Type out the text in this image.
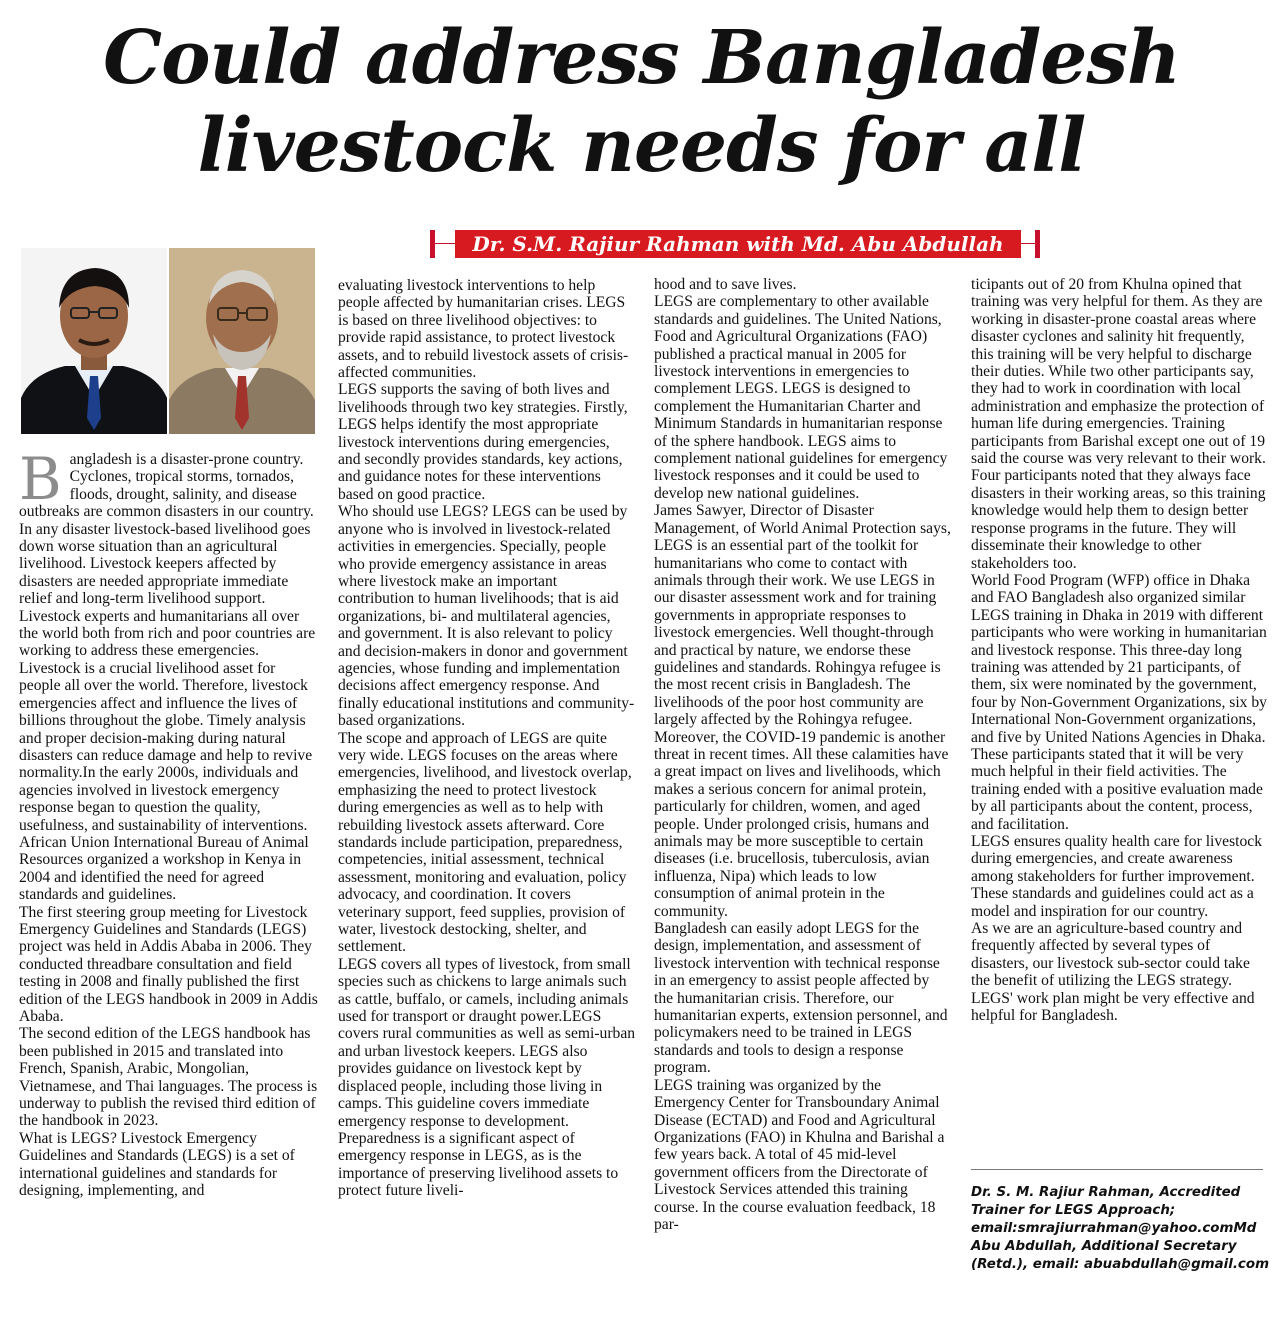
Could address Bangladesh
livestock needs for all
Dr. S.M. Rajiur Rahman with Md. Abu Abdullah

Bangladesh is a disaster-prone country. Cyclones, tropical storms, tornados, floods, drought, salinity, and disease outbreaks are common disasters in our country. In any disaster livestock-based livelihood goes down worse situation than an agricultural livelihood. Livestock keepers affected by disasters are needed appropriate immediate relief and long-term livelihood support.

Livestock experts and humanitarians all over the world both from rich and poor countries are working to address these emergencies. Livestock is a crucial livelihood asset for people all over the world. Therefore, livestock emergencies affect and influence the lives of billions throughout the globe. Timely analysis and proper decision-making during natural disasters can reduce damage and help to revive normality.In the early 2000s, individuals and agencies involved in livestock emergency response began to question the quality, usefulness, and sustainability of interventions. African Union International Bureau of Animal Resources organized a workshop in Kenya in 2004 and identified the need for agreed standards and guidelines.

The first steering group meeting for Livestock Emergency Guidelines and Standards (LEGS) project was held in Addis Ababa in 2006. They conducted threadbare consultation and field testing in 2008 and finally published the first edition of the LEGS handbook in 2009 in Addis Ababa.

The second edition of the LEGS handbook has been published in 2015 and translated into French, Spanish, Arabic, Mongolian, Vietnamese, and Thai languages. The process is underway to publish the revised third edition of the handbook in 2023.

What is LEGS? Livestock Emergency Guidelines and Standards (LEGS) is a set of international guidelines and standards for designing, implementing, and

evaluating livestock interventions to help people affected by humanitarian crises. LEGS is based on three livelihood objectives: to provide rapid assistance, to protect livestock assets, and to rebuild livestock assets of crisis-affected communities.

LEGS supports the saving of both lives and livelihoods through two key strategies. Firstly, LEGS helps identify the most appropriate livestock interventions during emergencies, and secondly provides standards, key actions, and guidance notes for these interventions based on good practice.

Who should use LEGS? LEGS can be used by anyone who is involved in livestock-related activities in emergencies. Specially, people who provide emergency assistance in areas where livestock make an important contribution to human livelihoods; that is aid organizations, bi- and multilateral agencies, and government. It is also relevant to policy and decision-makers in donor and government agencies, whose funding and implementation decisions affect emergency response. And finally educational institutions and community-based organizations.

The scope and approach of LEGS are quite very wide. LEGS focuses on the areas where emergencies, livelihood, and livestock overlap, emphasizing the need to protect livestock during emergencies as well as to help with rebuilding livestock assets afterward. Core standards include participation, preparedness, competencies, initial assessment, technical assessment, monitoring and evaluation, policy advocacy, and coordination. It covers veterinary support, feed supplies, provision of water, livestock destocking, shelter, and settlement.

LEGS covers all types of livestock, from small species such as chickens to large animals such as cattle, buffalo, or camels, including animals used for transport or draught power.LEGS covers rural communities as well as semi-urban and urban livestock keepers. LEGS also provides guidance on livestock kept by displaced people, including those living in camps. This guideline covers immediate emergency response to development. Preparedness is a significant aspect of emergency response in LEGS, as is the importance of preserving livelihood assets to protect future liveli-

hood and to save lives.

LEGS are complementary to other available standards and guidelines. The United Nations, Food and Agricultural Organizations (FAO) published a practical manual in 2005 for livestock interventions in emergencies to complement LEGS. LEGS is designed to complement the Humanitarian Charter and Minimum Standards in humanitarian response of the sphere handbook. LEGS aims to complement national guidelines for emergency livestock responses and it could be used to develop new national guidelines.

James Sawyer, Director of Disaster Management, of World Animal Protection says, LEGS is an essential part of the toolkit for humanitarians who come to contact with animals through their work. We use LEGS in our disaster assessment work and for training governments in appropriate responses to livestock emergencies. Well thought-through and practical by nature, we endorse these guidelines and standards. Rohingya refugee is the most recent crisis in Bangladesh. The livelihoods of the poor host community are largely affected by the Rohingya refugee. Moreover, the COVID-19 pandemic is another threat in recent times. All these calamities have a great impact on lives and livelihoods, which makes a serious concern for animal protein, particularly for children, women, and aged people. Under prolonged crisis, humans and animals may be more susceptible to certain diseases (i.e. brucellosis, tuberculosis, avian influenza, Nipa) which leads to low consumption of animal protein in the community.

Bangladesh can easily adopt LEGS for the design, implementation, and assessment of livestock intervention with technical response in an emergency to assist people affected by the humanitarian crisis. Therefore, our humanitarian experts, extension personnel, and policymakers need to be trained in LEGS standards and tools to design a response program.

LEGS training was organized by the Emergency Center for Transboundary Animal Disease (ECTAD) and Food and Agricultural Organizations (FAO) in Khulna and Barishal a few years back. A total of 45 mid-level government officers from the Directorate of Livestock Services attended this training course. In the course evaluation feedback, 18 par-

ticipants out of 20 from Khulna opined that training was very helpful for them. As they are working in disaster-prone coastal areas where disaster cyclones and salinity hit frequently, this training will be very helpful to discharge their duties. While two other participants say, they had to work in coordination with local administration and emphasize the protection of human life during emergencies. Training participants from Barishal except one out of 19 said the course was very relevant to their work. Four participants noted that they always face disasters in their working areas, so this training knowledge would help them to design better response programs in the future. They will disseminate their knowledge to other stakeholders too.

World Food Program (WFP) office in Dhaka and FAO Bangladesh also organized similar LEGS training in Dhaka in 2019 with different participants who were working in humanitarian and livestock response. This three-day long training was attended by 21 participants, of them, six were nominated by the government, four by Non-Government Organizations, six by International Non-Government organizations, and five by United Nations Agencies in Dhaka. These participants stated that it will be very much helpful in their field activities. The training ended with a positive evaluation made by all participants about the content, process, and facilitation.

LEGS ensures quality health care for livestock during emergencies, and create awareness among stakeholders for further improvement. These standards and guidelines could act as a model and inspiration for our country.

As we are an agriculture-based country and frequently affected by several types of disasters, our livestock sub-sector could take the benefit of utilizing the LEGS strategy. LEGS' work plan might be very effective and helpful for Bangladesh.

Dr. S. M. Rajiur Rahman, Accredited Trainer for LEGS Approach; email:smrajiurrahman@yahoo.comMd Abu Abdullah, Additional Secretary (Retd.), email: abuabdullah@gmail.com
